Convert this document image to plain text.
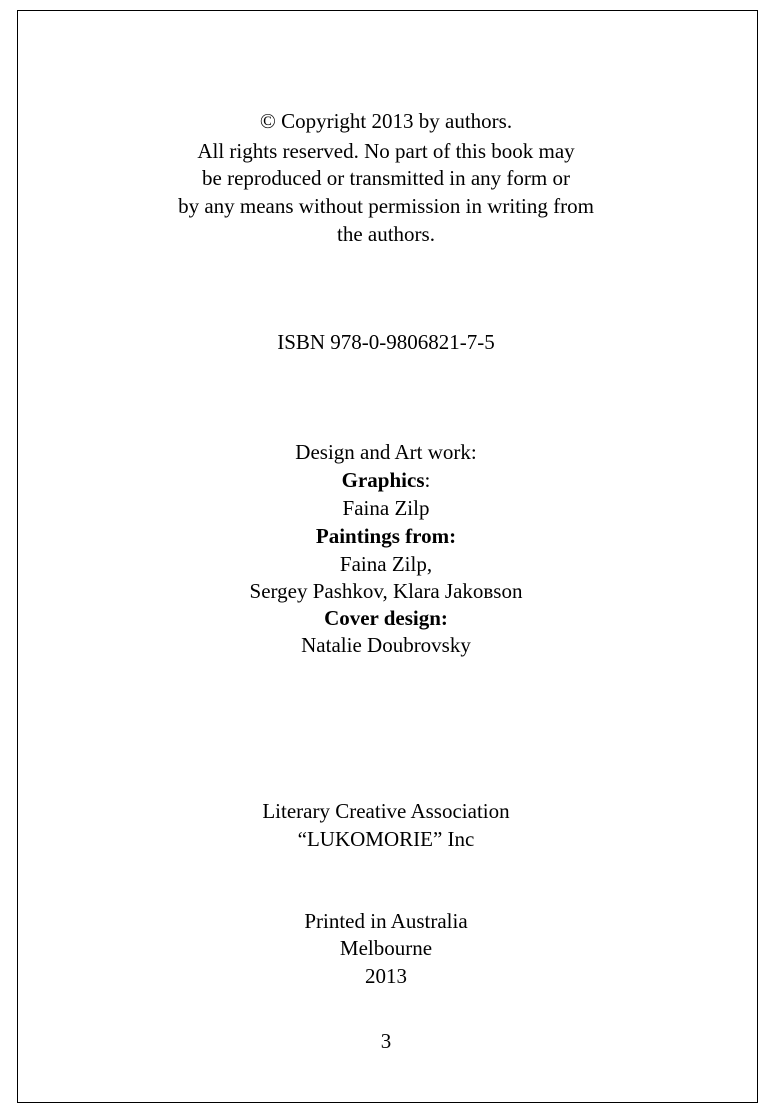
© Copyright 2013 by authors.
All rights reserved. No part of this book may
be reproduced or transmitted in any form or
by any means without permission in writing from
the authors.
ISBN 978-0-9806821-7-5
Design and Art work:
Graphics:
Faina Zilp
Paintings from:
Faina Zilp,
Sergey Pashkov, Klara Jakовson
Cover design:
Natalie Doubrovsky
Literary Creative Association
“LUKOMORIE” Inc
Printed in Australia
Melbourne
2013
3
